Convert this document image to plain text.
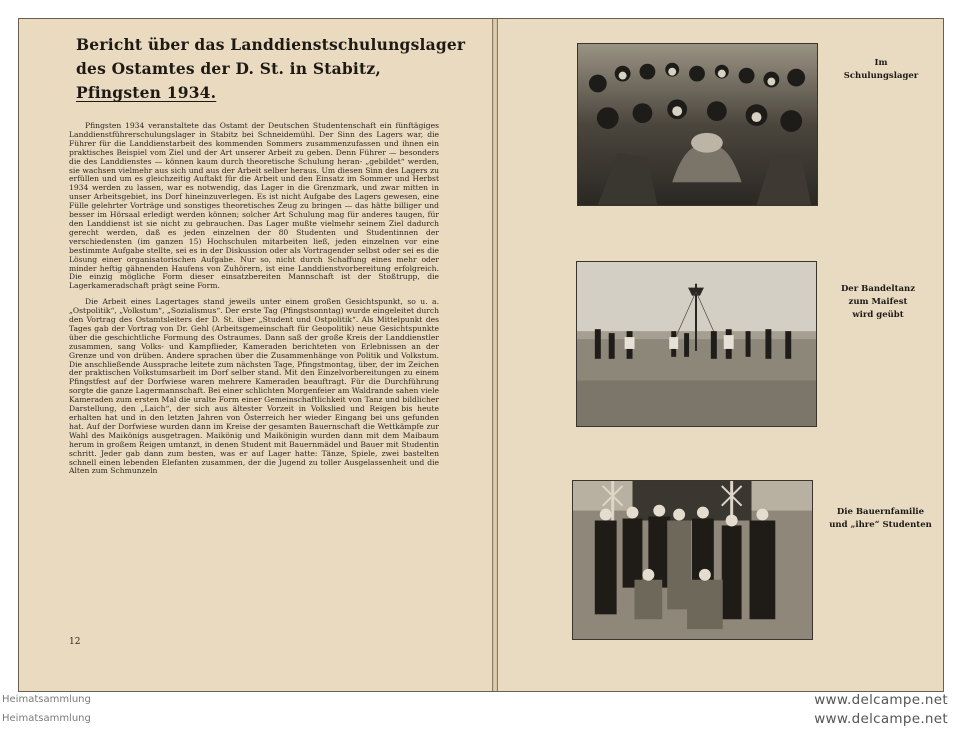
Bericht über das Landdienstschulungslager
des Ostamtes der D. St. in Stabitz,
Pfingsten 1934.

Pfingsten 1934 veranstaltete das Ostamt der Deutschen Studentenschaft ein fünftägiges Landdienstführerschulungslager in Stabitz bei Schneidemühl. Der Sinn des Lagers war, die Führer für die Landdienstarbeit des kommenden Sommers zusammenzufassen und ihnen ein praktisches Beispiel vom Ziel und der Art unserer Arbeit zu geben. Denn Führer — besonders die des Landdienstes — können kaum durch theoretische Schulung heran- „gebildet“ werden, sie wachsen vielmehr aus sich und aus der Arbeit selber heraus. Um diesen Sinn des Lagers zu erfüllen und um es gleichzeitig Auftakt für die Arbeit und den Einsatz im Sommer und Herbst 1934 werden zu lassen, war es notwendig, das Lager in die Grenzmark, und zwar mitten in unser Arbeitsgebiet, ins Dorf hineinzuverlegen. Es ist nicht Aufgabe des Lagers gewesen, eine Fülle gelehrter Vorträge und sonstiges theoretisches Zeug zu bringen — das hätte billiger und besser im Hörsaal erledigt werden können; solcher Art Schulung mag für anderes taugen, für den Landdienst ist sie nicht zu gebrauchen. Das Lager mußte vielmehr seinem Ziel dadurch gerecht werden, daß es jeden einzelnen der 80 Studenten und Studentinnen der verschiedensten (im ganzen 15) Hochschulen mitarbeiten ließ, jeden einzelnen vor eine bestimmte Aufgabe stellte, sei es in der Diskussion oder als Vortragender selbst oder sei es die Lösung einer organisatorischen Aufgabe. Nur so, nicht durch Schaffung eines mehr oder minder heftig gähnenden Haufens von Zuhörern, ist eine Landdienstvorbereitung erfolgreich. Die einzig mögliche Form dieser einsatzbereiten Mannschaft ist der Stoßtrupp, die Lagerkameradschaft prägt seine Form.

Die Arbeit eines Lagertages stand jeweils unter einem großen Gesichtspunkt, so u. a. „Ostpolitik“, „Volkstum“, „Sozialismus“. Der erste Tag (Pfingstsonntag) wurde eingeleitet durch den Vortrag des Ostamtsleiters der D. St. über „Student und Ostpolitik“. Als Mittelpunkt des Tages gab der Vortrag von Dr. Gehl (Arbeitsgemeinschaft für Geopolitik) neue Gesichtspunkte über die geschichtliche Formung des Ostraumes. Dann saß der große Kreis der Landdienstler zusammen, sang Volks- und Kampflieder, Kameraden berichteten von Erlebnissen an der Grenze und von drüben. Andere sprachen über die Zusammenhänge von Politik und Volkstum. Die anschließende Aussprache leitete zum nächsten Tage, Pfingstmontag, über, der im Zeichen der praktischen Volkstumsarbeit im Dorf selber stand. Mit den Einzelvorbereitungen zu einem Pfingstfest auf der Dorfwiese waren mehrere Kameraden beauftragt. Für die Durchführung sorgte die ganze Lagermannschaft. Bei einer schlichten Morgenfeier am Waldrande sahen viele Kameraden zum ersten Mal die uralte Form einer Gemeinschaftlichkeit von Tanz und bildlicher Darstellung, den „Laich“, der sich aus ältester Vorzeit in Volkslied und Reigen bis heute erhalten hat und in den letzten Jahren von Österreich her wieder Eingang bei uns gefunden hat. Auf der Dorfwiese wurden dann im Kreise der gesamten Bauernschaft die Wettkämpfe zur Wahl des Maikönigs ausgetragen. Maikönig und Maikönigin wurden dann mit dem Maibaum herum in großem Reigen umtanzt, in denen Student mit Bauernmädel und Bauer mit Studentin schritt. Jeder gab dann zum besten, was er auf Lager hatte: Tänze, Spiele, zwei bastelten schnell einen lebenden Elefanten zusammen, der die Jugend zu toller Ausgelassenheit und die Alten zum Schmunzeln

12
Im
Schulungslager
Der Bandeltanz
zum Maifest
wird geübt
Die Bauernfamilie
und „ihre“ Studenten
Heimatsammlung
Heimatsammlung
www.delcampe.net
www.delcampe.net
